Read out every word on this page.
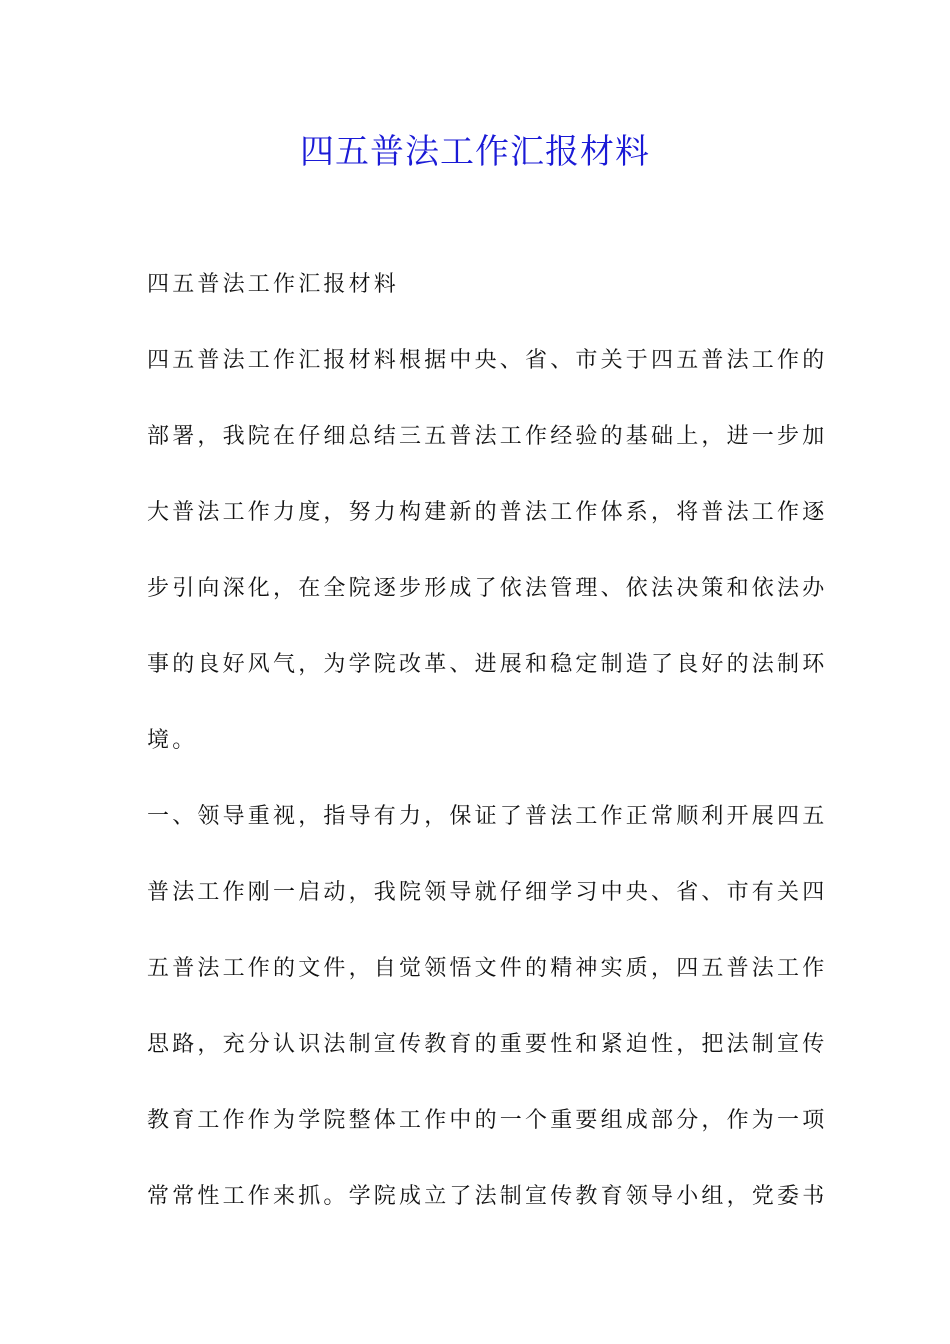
四五普法工作汇报材料
四五普法工作汇报材料
四五普法工作汇报材料根据中央、省、市关于四五普法工作的
部署，我院在仔细总结三五普法工作经验的基础上，进一步加
大普法工作力度，努力构建新的普法工作体系，将普法工作逐
步引向深化，在全院逐步形成了依法管理、依法决策和依法办
事的良好风气，为学院改革、进展和稳定制造了良好的法制环
境。
一、领导重视，指导有力，保证了普法工作正常顺利开展四五
普法工作刚一启动，我院领导就仔细学习中央、省、市有关四
五普法工作的文件，自觉领悟文件的精神实质，四五普法工作
思路，充分认识法制宣传教育的重要性和紧迫性，把法制宣传
教育工作作为学院整体工作中的一个重要组成部分，作为一项
常常性工作来抓。学院成立了法制宣传教育领导小组，党委书
